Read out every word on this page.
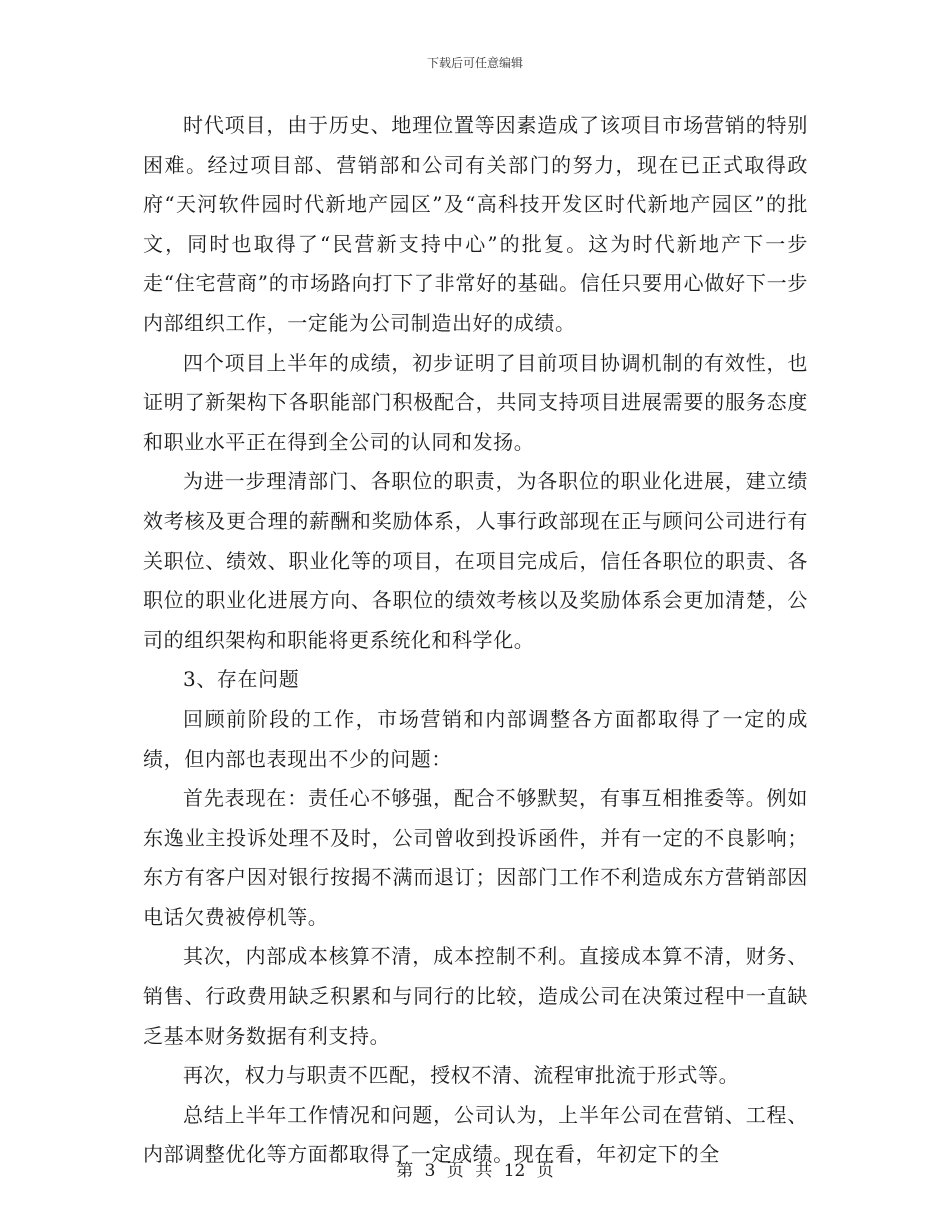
下载后可任意编辑

时代项目，由于历史、地理位置等因素造成了该项目市场营销的特别困难。经过项目部、营销部和公司有关部门的努力，现在已正式取得政府“天河软件园时代新地产园区”及“高科技开发区时代新地产园区”的批文，同时也取得了“民营新支持中心”的批复。这为时代新地产下一步走“住宅营商”的市场路向打下了非常好的基础。信任只要用心做好下一步内部组织工作，一定能为公司制造出好的成绩。

四个项目上半年的成绩，初步证明了目前项目协调机制的有效性，也证明了新架构下各职能部门积极配合，共同支持项目进展需要的服务态度和职业水平正在得到全公司的认同和发扬。

为进一步理清部门、各职位的职责，为各职位的职业化进展，建立绩效考核及更合理的薪酬和奖励体系，人事行政部现在正与顾问公司进行有关职位、绩效、职业化等的项目，在项目完成后，信任各职位的职责、各职位的职业化进展方向、各职位的绩效考核以及奖励体系会更加清楚，公司的组织架构和职能将更系统化和科学化。

3、存在问题

回顾前阶段的工作，市场营销和内部调整各方面都取得了一定的成绩，但内部也表现出不少的问题：

首先表现在：责任心不够强，配合不够默契，有事互相推委等。例如东逸业主投诉处理不及时，公司曾收到投诉函件，并有一定的不良影响；东方有客户因对银行按揭不满而退订；因部门工作不利造成东方营销部因电话欠费被停机等。

其次，内部成本核算不清，成本控制不利。直接成本算不清，财务、销售、行政费用缺乏积累和与同行的比较，造成公司在决策过程中一直缺乏基本财务数据有利支持。

再次，权力与职责不匹配，授权不清、流程审批流于形式等。

总结上半年工作情况和问题，公司认为，上半年公司在营销、工程、内部调整优化等方面都取得了一定成绩。现在看，年初定下的全

第 3 页 共 12 页
